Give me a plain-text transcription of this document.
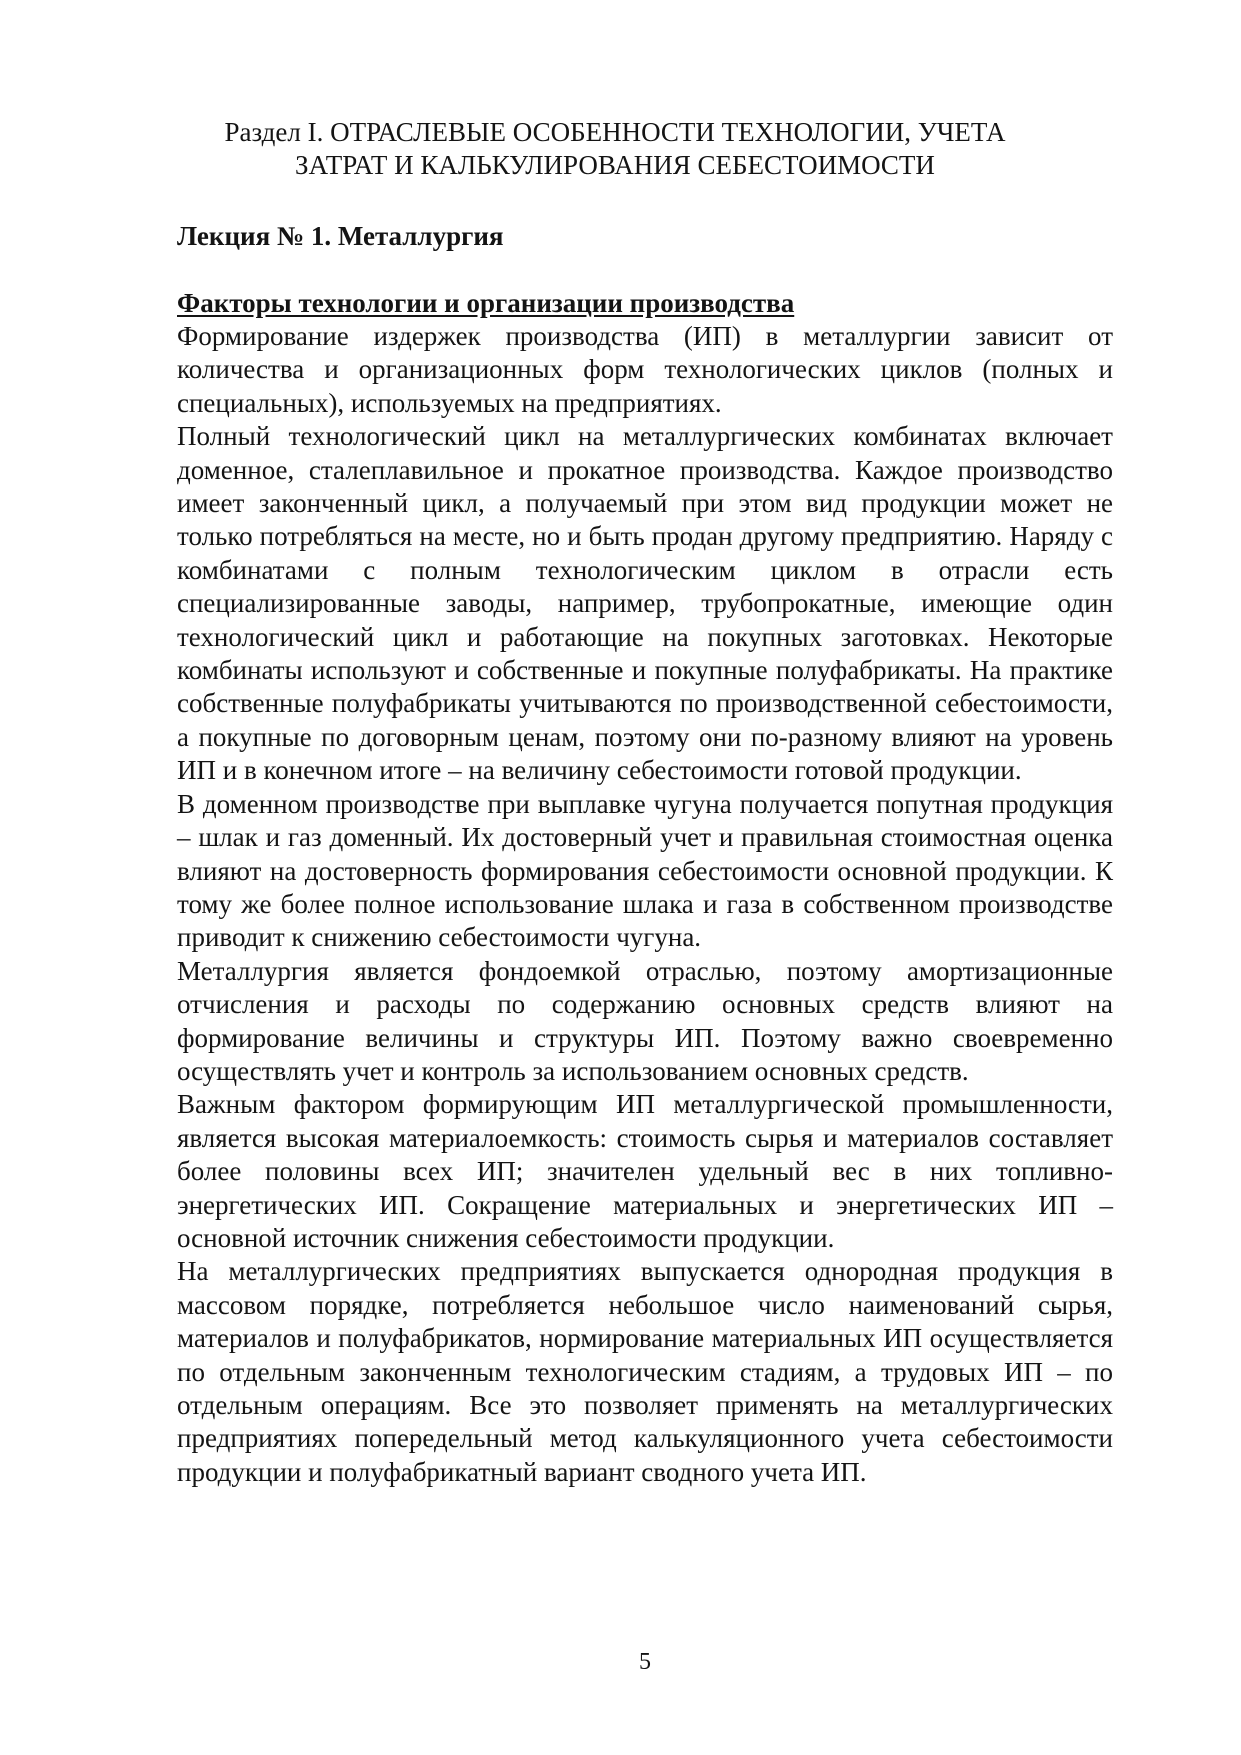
Раздел I. ОТРАСЛЕВЫЕ ОСОБЕННОСТИ ТЕХНОЛОГИИ, УЧЕТА
ЗАТРАТ И КАЛЬКУЛИРОВАНИЯ СЕБЕСТОИМОСТИ
Лекция № 1. Металлургия
Факторы технологии и организации производства

Формирование издержек производства (ИП) в металлургии зависит от количества и организационных форм технологических циклов (полных и специальных), используемых на предприятиях.

Полный технологический цикл на металлургических комбинатах включает доменное, сталеплавильное и прокатное производства. Каждое производство имеет законченный цикл, а получаемый при этом вид продукции может не только потребляться на месте, но и быть продан другому предприятию. Наряду с комбинатами с полным технологическим циклом в отрасли есть специализированные заводы, например, трубопрокатные, имеющие один технологический цикл и работающие на покупных заготовках. Некоторые комбинаты используют и собственные и покупные полуфабрикаты. На практике собственные полуфабрикаты учитываются по производственной себестоимости, а покупные по договорным ценам, поэтому они по-разному влияют на уровень ИП и в конечном итоге – на величину себестоимости готовой продукции.

В доменном производстве при выплавке чугуна получается попутная продукция – шлак и газ доменный. Их достоверный учет и правильная стоимостная оценка влияют на достоверность формирования себестоимости основной продукции. К тому же более полное использование шлака и газа в собственном производстве приводит к снижению себестоимости чугуна.

Металлургия является фондоемкой отраслью, поэтому амортизационные отчисления и расходы по содержанию основных средств влияют на формирование величины и структуры ИП. Поэтому важно своевременно осуществлять учет и контроль за использованием основных средств.

Важным фактором формирующим ИП металлургической промышленности, является высокая материалоемкость: стоимость сырья и материалов составляет более половины всех ИП; значителен удельный вес в них топливно-энергетических ИП. Сокращение материальных и энергетических ИП – основной источник снижения себестоимости продукции.

На металлургических предприятиях выпускается однородная продукция в массовом порядке, потребляется небольшое число наименований сырья, материалов и полуфабрикатов, нормирование материальных ИП осуществляется по отдельным законченным технологическим стадиям, а трудовых ИП – по отдельным операциям. Все это позволяет применять на металлургических предприятиях попередельный метод калькуляционного учета себестоимости продукции и полуфабрикатный вариант сводного учета ИП.

5
